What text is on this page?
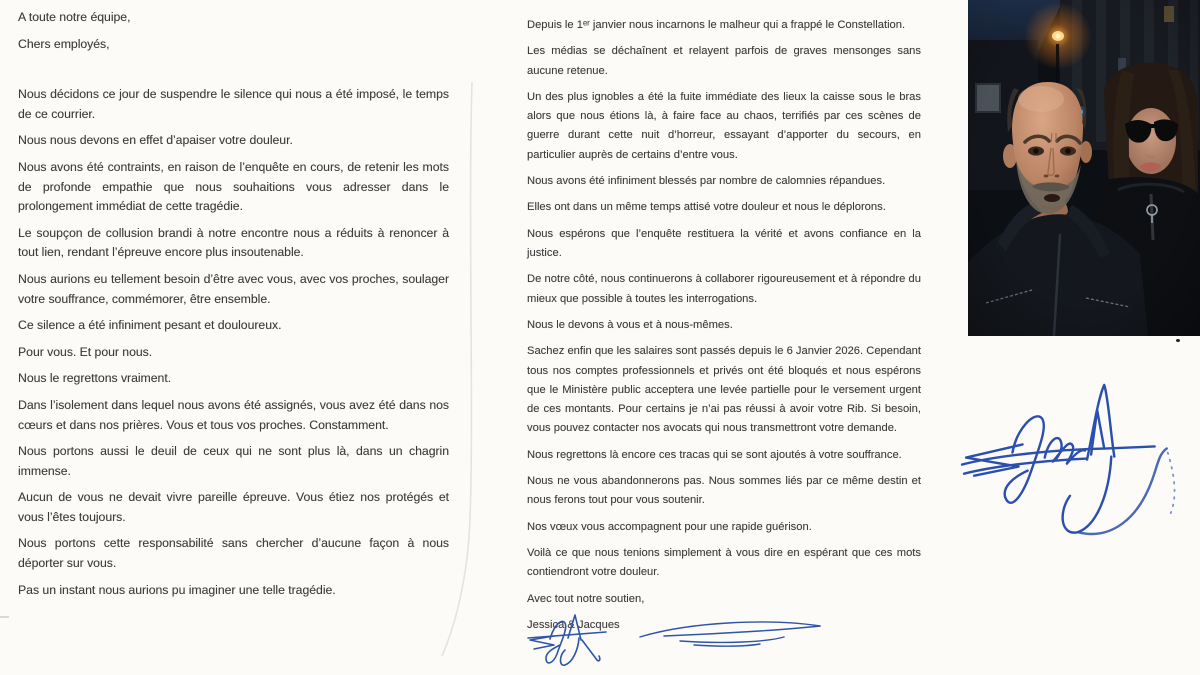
A toute notre équipe,

Chers employés,

Nous décidons ce jour de suspendre le silence qui nous a été imposé, le temps de ce courrier.

Nous nous devons en effet d’apaiser votre douleur.

Nous avons été contraints, en raison de l’enquête en cours, de retenir les mots de profonde empathie que nous souhaitions vous adresser dans le prolongement immédiat de cette tragédie.

Le soupçon de collusion brandi à notre encontre nous a réduits à renoncer à tout lien, rendant l’épreuve encore plus insoutenable.

Nous aurions eu tellement besoin d’être avec vous, avec vos proches, soulager votre souffrance, commémorer, être ensemble.

Ce silence a été infiniment pesant et douloureux.

Pour vous. Et pour nous.

Nous le regrettons vraiment.

Dans l’isolement dans lequel nous avons été assignés, vous avez été dans nos cœurs et dans nos prières. Vous et tous vos proches. Constamment.

Nous portons aussi le deuil de ceux qui ne sont plus là, dans un chagrin immense.

Aucun de vous ne devait vivre pareille épreuve. Vous étiez nos protégés et vous l’êtes toujours.

Nous portons cette responsabilité sans chercher d’aucune façon à nous déporter sur vous.

Pas un instant nous aurions pu imaginer une telle tragédie.

Depuis le 1ᵉʳ janvier nous incarnons le malheur qui a frappé le Constellation.

Les médias se déchaînent et relayent parfois de graves mensonges sans aucune retenue.

Un des plus ignobles a été la fuite immédiate des lieux la caisse sous le bras alors que nous étions là, à faire face au chaos, terrifiés par ces scènes de guerre durant cette nuit d’horreur, essayant d’apporter du secours, en particulier auprès de certains d’entre vous.

Nous avons été infiniment blessés par nombre de calomnies répandues.

Elles ont dans un même temps attisé votre douleur et nous le déplorons.

Nous espérons que l’enquête restituera la vérité et avons confiance en la justice.

De notre côté, nous continuerons à collaborer rigoureusement et à répondre du mieux que possible à toutes les interrogations.

Nous le devons à vous et à nous-mêmes.

Sachez enfin que les salaires sont passés depuis le 6 Janvier 2026. Cependant tous nos comptes professionnels et privés ont été bloqués et nous espérons que le Ministère public acceptera une levée partielle pour le versement urgent de ces montants. Pour certains je n’ai pas réussi à avoir votre Rib. Si besoin, vous pouvez contacter nos avocats qui nous transmettront votre demande.

Nous regrettons là encore ces tracas qui se sont ajoutés à votre souffrance.

Nous ne vous abandonnerons pas. Nous sommes liés par ce même destin et nous ferons tout pour vous soutenir.

Nos vœux vous accompagnent pour une rapide guérison.

Voilà ce que nous tenions simplement à vous dire en espérant que ces mots contiendront votre douleur.

Avec tout notre soutien,

Jessica & Jacques
